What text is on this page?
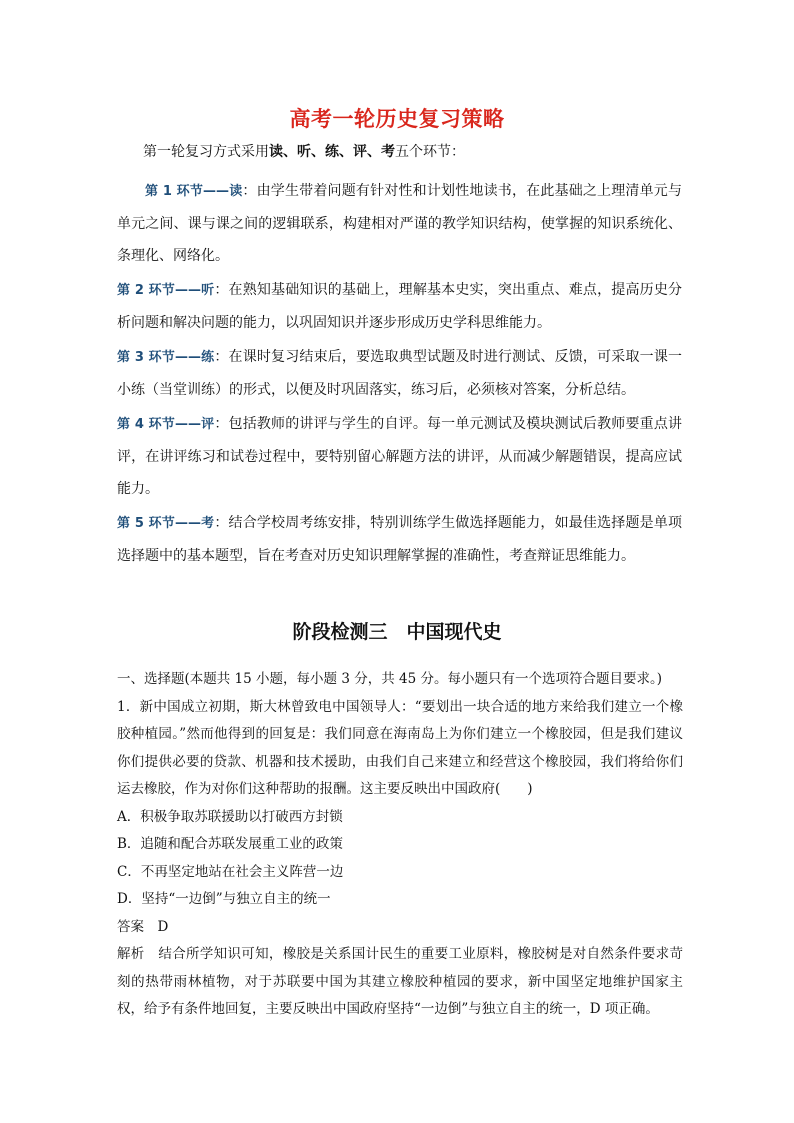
高考一轮历史复习策略
第一轮复习方式采用读、听、练、评、考五个环节：

第 1 环节——读：由学生带着问题有针对性和计划性地读书，在此基础之上理清单元与单元之间、课与课之间的逻辑联系，构建相对严谨的教学知识结构，使掌握的知识系统化、条理化、网络化。

第 2 环节——听：在熟知基础知识的基础上，理解基本史实，突出重点、难点，提高历史分析问题和解决问题的能力，以巩固知识并逐步形成历史学科思维能力。

第 3 环节——练：在课时复习结束后，要选取典型试题及时进行测试、反馈，可采取一课一小练（当堂训练）的形式，以便及时巩固落实，练习后，必须核对答案，分析总结。

第 4 环节——评：包括教师的讲评与学生的自评。每一单元测试及模块测试后教师要重点讲评，在讲评练习和试卷过程中，要特别留心解题方法的讲评，从而减少解题错误，提高应试能力。

第 5 环节——考：结合学校周考练安排，特别训练学生做选择题能力，如最佳选择题是单项选择题中的基本题型，旨在考查对历史知识理解掌握的准确性，考查辩证思维能力。

阶段检测三　中国现代史

一、选择题(本题共 15 小题，每小题 3 分，共 45 分。每小题只有一个选项符合题目要求。)

1．新中国成立初期，斯大林曾致电中国领导人：“要划出一块合适的地方来给我们建立一个橡胶种植园。”然而他得到的回复是：我们同意在海南岛上为你们建立一个橡胶园，但是我们建议你们提供必要的贷款、机器和技术援助，由我们自己来建立和经营这个橡胶园，我们将给你们运去橡胶，作为对你们这种帮助的报酬。这主要反映出中国政府(　　)

A．积极争取苏联援助以打破西方封锁

B．追随和配合苏联发展重工业的政策

C．不再坚定地站在社会主义阵营一边

D．坚持“一边倒”与独立自主的统一

答案　D

解析　结合所学知识可知，橡胶是关系国计民生的重要工业原料，橡胶树是对自然条件要求苛刻的热带雨林植物，对于苏联要中国为其建立橡胶种植园的要求，新中国坚定地维护国家主权，给予有条件地回复，主要反映出中国政府坚持“一边倒”与独立自主的统一，D 项正确。
